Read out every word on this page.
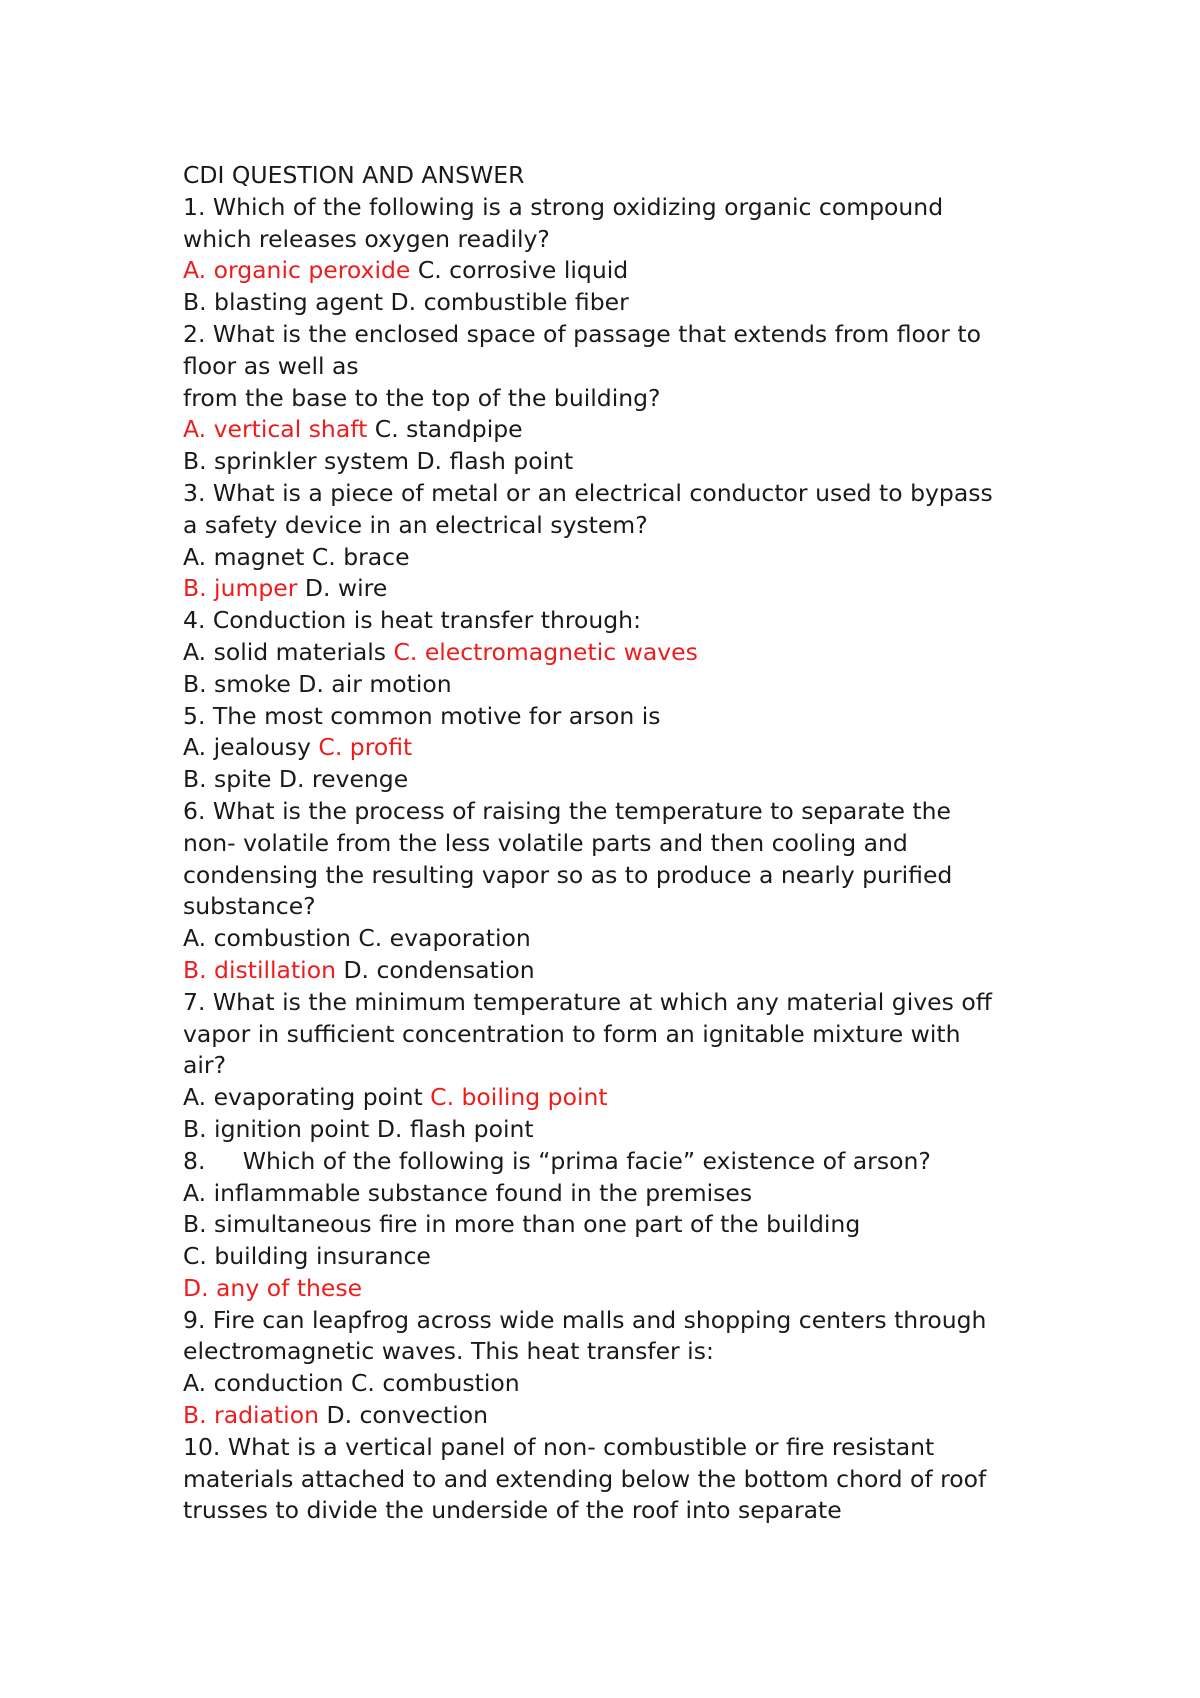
CDI QUESTION AND ANSWER

1. Which of the following is a strong oxidizing organic compound

which releases oxygen readily?

A. organic peroxide C. corrosive liquid

B. blasting agent D. combustible fiber

2. What is the enclosed space of passage that extends from floor to

floor as well as

from the base to the top of the building?

A. vertical shaft C. standpipe

B. sprinkler system D. flash point

3. What is a piece of metal or an electrical conductor used to bypass

a safety device in an electrical system?

A. magnet C. brace

B. jumper D. wire

4. Conduction is heat transfer through:

A. solid materials C. electromagnetic waves

B. smoke D. air motion

5. The most common motive for arson is

A. jealousy C. profit

B. spite D. revenge

6. What is the process of raising the temperature to separate the

non- volatile from the less volatile parts and then cooling and

condensing the resulting vapor so as to produce a nearly purified

substance?

A. combustion C. evaporation

B. distillation D. condensation

7. What is the minimum temperature at which any material gives off

vapor in sufficient concentration to form an ignitable mixture with

air?

A. evaporating point C. boiling point

B. ignition point D. flash point

8.     Which of the following is “prima facie” existence of arson?

A. inflammable substance found in the premises

B. simultaneous fire in more than one part of the building

C. building insurance

D. any of these

9. Fire can leapfrog across wide malls and shopping centers through

electromagnetic waves. This heat transfer is:

A. conduction C. combustion

B. radiation D. convection

10. What is a vertical panel of non- combustible or fire resistant

materials attached to and extending below the bottom chord of roof

trusses to divide the underside of the roof into separate
